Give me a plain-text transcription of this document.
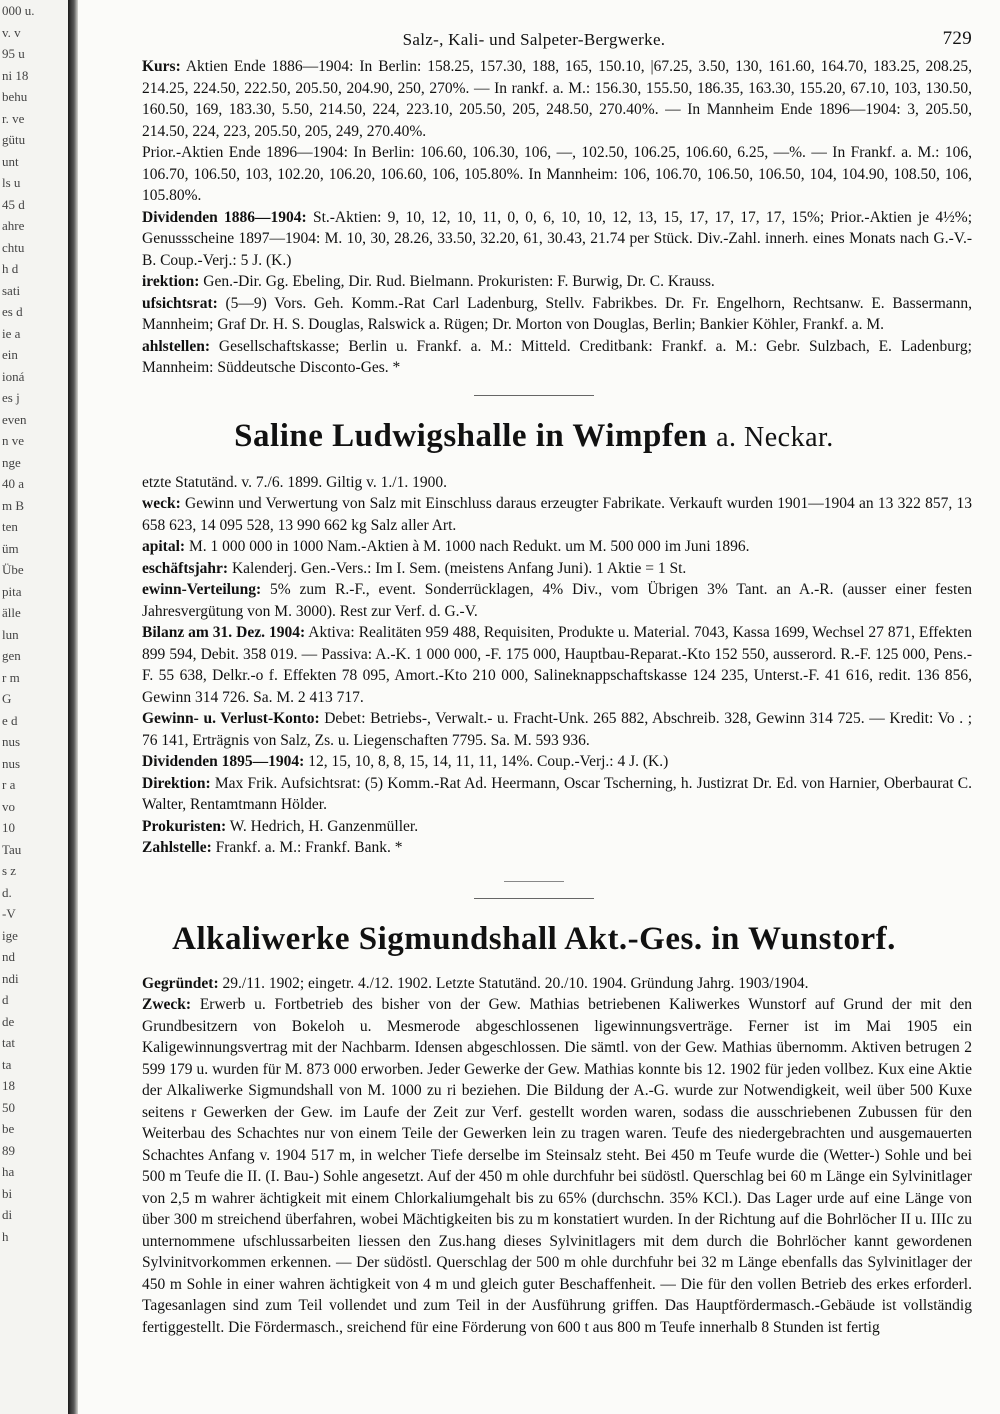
000 u.
v. v
95 u
ni 18
behu
r. ve
gütu
unt
ls u
45 d
ahre
chtu
h d
sati
es d
ie a
ein
ioná
es j
even
n ve
nge
40 a
m B
ten
üm
Übe
pita
älle
lun
gen
r m
G
e d
nus
nus
r a
vo
10
Tau
s z
d.
-V
ige
nd
ndi
d
de
tat
ta
18
50
be
89
ha
bi
di
h
Salz-, Kali- und Salpeter-Bergwerke.	729

Kurs: Aktien Ende 1886—1904: In Berlin: 158.25, 157.30, 188, 165, 150.10, |67.25, 3.50, 130, 161.60, 164.70, 183.25, 208.25, 214.25, 224.50, 222.50, 205.50, 204.90, 250, 270%. — In rankf. a. M.: 156.30, 155.50, 186.35, 163.30, 155.20, 67.10, 103, 130.50, 160.50, 169, 183.30, 5.50, 214.50, 224, 223.10, 205.50, 205, 248.50, 270.40%. — In Mannheim Ende 1896—1904: 3, 205.50, 214.50, 224, 223, 205.50, 205, 249, 270.40%.

Prior.-Aktien Ende 1896—1904: In Berlin: 106.60, 106.30, 106, —, 102.50, 106.25, 106.60, 6.25, —%. — In Frankf. a. M.: 106, 106.70, 106.50, 103, 102.20, 106.20, 106.60, 106, 105.80%. In Mannheim: 106, 106.70, 106.50, 106.50, 104, 104.90, 108.50, 106, 105.80%.

Dividenden 1886—1904: St.-Aktien: 9, 10, 12, 10, 11, 0, 0, 6, 10, 10, 12, 13, 15, 17, 17, 17, 17, 15%; Prior.-Aktien je 4½%; Genussscheine 1897—1904: M. 10, 30, 28.26, 33.50, 32.20, 61, 30.43, 21.74 per Stück. Div.-Zahl. innerh. eines Monats nach G.-V.-B. Coup.-Verj.: 5 J. (K.)

irektion: Gen.-Dir. Gg. Ebeling, Dir. Rud. Bielmann. Prokuristen: F. Burwig, Dr. C. Krauss.

ufsichtsrat: (5—9) Vors. Geh. Komm.-Rat Carl Ladenburg, Stellv. Fabrikbes. Dr. Fr. Engelhorn, Rechtsanw. E. Bassermann, Mannheim; Graf Dr. H. S. Douglas, Ralswick a. Rügen; Dr. Morton von Douglas, Berlin; Bankier Köhler, Frankf. a. M.

ahlstellen: Gesellschaftskasse; Berlin u. Frankf. a. M.: Mitteld. Creditbank: Frankf. a. M.: Gebr. Sulzbach, E. Ladenburg; Mannheim: Süddeutsche Disconto-Ges. *

Saline Ludwigshalle in Wimpfen a. Neckar.

etzte Statutänd. v. 7./6. 1899. Giltig v. 1./1. 1900.

weck: Gewinn und Verwertung von Salz mit Einschluss daraus erzeugter Fabrikate. Verkauft wurden 1901—1904 an 13 322 857, 13 658 623, 14 095 528, 13 990 662 kg Salz aller Art.

apital: M. 1 000 000 in 1000 Nam.-Aktien à M. 1000 nach Redukt. um M. 500 000 im Juni 1896.

eschäftsjahr: Kalenderj. Gen.-Vers.: Im I. Sem. (meistens Anfang Juni). 1 Aktie = 1 St.

ewinn-Verteilung: 5% zum R.-F., event. Sonderrücklagen, 4% Div., vom Übrigen 3% Tant. an A.-R. (ausser einer festen Jahresvergütung von M. 3000). Rest zur Verf. d. G.-V.

Bilanz am 31. Dez. 1904: Aktiva: Realitäten 959 488, Requisiten, Produkte u. Material. 7043, Kassa 1699, Wechsel 27 871, Effekten 899 594, Debit. 358 019. — Passiva: A.-K. 1 000 000, -F. 175 000, Hauptbau-Reparat.-Kto 152 550, ausserord. R.-F. 125 000, Pens.-F. 55 638, Delkr.-o f. Effekten 78 095, Amort.-Kto 210 000, Salineknappschaftskasse 124 235, Unterst.-F. 41 616, redit. 136 856, Gewinn 314 726. Sa. M. 2 413 717.

Gewinn- u. Verlust-Konto: Debet: Betriebs-, Verwalt.- u. Fracht-Unk. 265 882, Abschreib. 328, Gewinn 314 725. — Kredit: Vo . ; 76 141, Erträgnis von Salz, Zs. u. Liegenschaften 7795. Sa. M. 593 936.

Dividenden 1895—1904: 12, 15, 10, 8, 8, 15, 14, 11, 11, 14%. Coup.-Verj.: 4 J. (K.)

Direktion: Max Frik. Aufsichtsrat: (5) Komm.-Rat Ad. Heermann, Oscar Tscherning, h. Justizrat Dr. Ed. von Harnier, Oberbaurat C. Walter, Rentamtmann Hölder.

Prokuristen: W. Hedrich, H. Ganzenmüller.

Zahlstelle: Frankf. a. M.: Frankf. Bank. *

Alkaliwerke Sigmundshall Akt.-Ges. in Wunstorf.

Gegründet: 29./11. 1902; eingetr. 4./12. 1902. Letzte Statutänd. 20./10. 1904. Gründung Jahrg. 1903/1904.

Zweck: Erwerb u. Fortbetrieb des bisher von der Gew. Mathias betriebenen Kaliwerkes Wunstorf auf Grund der mit den Grundbesitzern von Bokeloh u. Mesmerode abgeschlossenen ligewinnungsverträge. Ferner ist im Mai 1905 ein Kaligewinnungsvertrag mit der Nachbarm. Idensen abgeschlossen. Die sämtl. von der Gew. Mathias übernomm. Aktiven betrugen 2 599 179 u. wurden für M. 873 000 erworben. Jeder Gewerke der Gew. Mathias konnte bis 12. 1902 für jeden vollbez. Kux eine Aktie der Alkaliwerke Sigmundshall von M. 1000 zu ri beziehen. Die Bildung der A.-G. wurde zur Notwendigkeit, weil über 500 Kuxe seitens r Gewerken der Gew. im Laufe der Zeit zur Verf. gestellt worden waren, sodass die ausschriebenen Zubussen für den Weiterbau des Schachtes nur von einem Teile der Gewerken lein zu tragen waren. Teufe des niedergebrachten und ausgemauerten Schachtes Anfang v. 1904 517 m, in welcher Tiefe derselbe im Steinsalz steht. Bei 450 m Teufe wurde die (Wetter-) Sohle und bei 500 m Teufe die II. (I. Bau-) Sohle angesetzt. Auf der 450 m ohle durchfuhr bei südöstl. Querschlag bei 60 m Länge ein Sylvinitlager von 2,5 m wahrer ächtigkeit mit einem Chlorkaliumgehalt bis zu 65% (durchschn. 35% KCl.). Das Lager urde auf eine Länge von über 300 m streichend überfahren, wobei Mächtigkeiten bis zu m konstatiert wurden. In der Richtung auf die Bohrlöcher II u. IIIc zu unternommene ufschlussarbeiten liessen den Zus.hang dieses Sylvinitlagers mit dem durch die Bohrlöcher kannt gewordenen Sylvinitvorkommen erkennen. — Der südöstl. Querschlag der 500 m ohle durchfuhr bei 32 m Länge ebenfalls das Sylvinitlager der 450 m Sohle in einer wahren ächtigkeit von 4 m und gleich guter Beschaffenheit. — Die für den vollen Betrieb des erkes erforderl. Tagesanlagen sind zum Teil vollendet und zum Teil in der Ausführung griffen. Das Hauptfördermasch.-Gebäude ist vollständig fertiggestellt. Die Fördermasch., sreichend für eine Förderung von 600 t aus 800 m Teufe innerhalb 8 Stunden ist fertig
